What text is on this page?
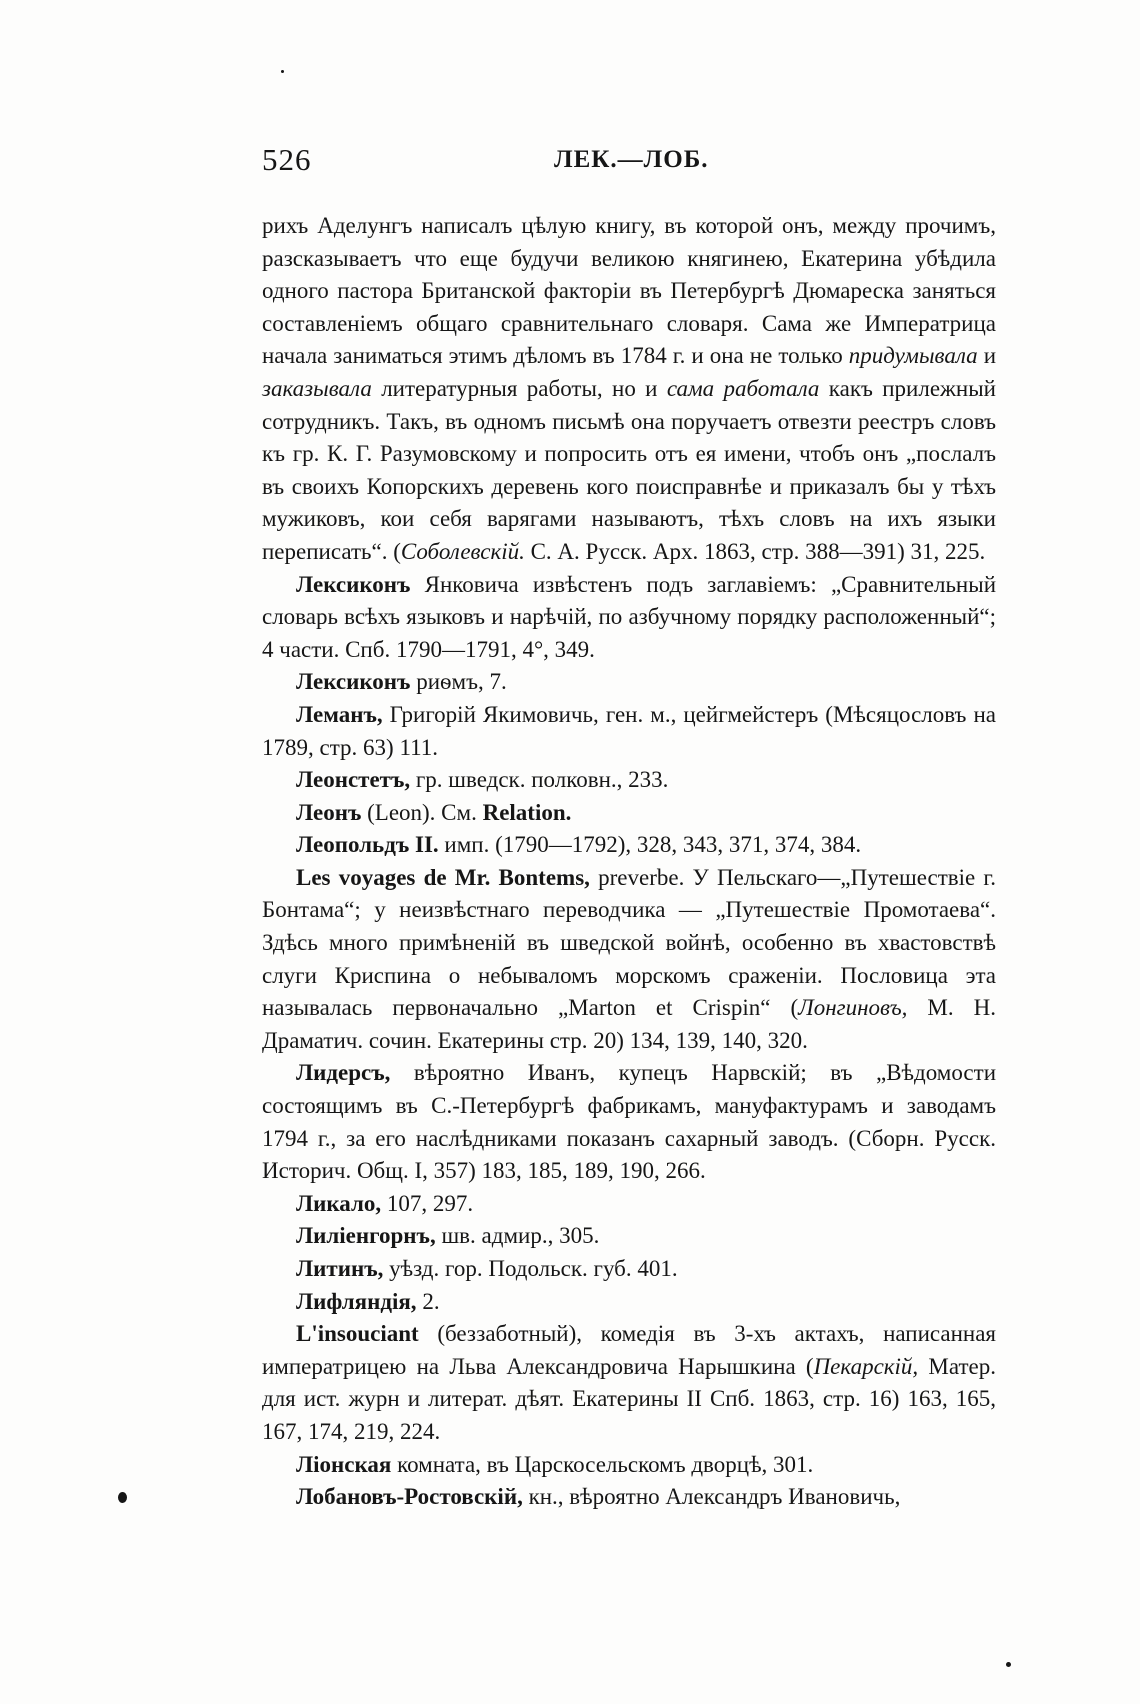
526	ЛЕК.—ЛОБ.

рихъ Аделунгъ написалъ цѣлую книгу, въ которой онъ, между прочимъ, разсказываетъ что еще будучи великою княгинею, Екатерина убѣдила одного пастора Британской факторіи въ Петербургѣ Дюмареска заняться составленіемъ общаго сравнительнаго словаря. Сама же Императрица начала заниматься этимъ дѣломъ въ 1784 г. и она не только придумывала и заказывала литературныя работы, но и сама работала какъ прилежный сотрудникъ. Такъ, въ одномъ письмѣ она поручаетъ отвезти реестръ словъ къ гр. К. Г. Разумовскому и попросить отъ ея имени, чтобъ онъ „послалъ въ своихъ Копорскихъ деревень кого поисправнѣе и приказалъ бы у тѣхъ мужиковъ, кои себя варягами называютъ, тѣхъ словъ на ихъ языки переписать“. (Соболевскій. С. А. Русск. Арх. 1863, стр. 388—391) 31, 225.

Лексиконъ Янковича извѣстенъ подъ заглавіемъ: „Сравнительный словарь всѣхъ языковъ и нарѣчій, по азбучному порядку расположенный“; 4 части. Спб. 1790—1791, 4°, 349.

Лексиконъ риѳмъ, 7.

Леманъ, Григорій Якимовичь, ген. м., цейгмейстеръ (Мѣсяцословъ на 1789, стр. 63) 111.

Леонстетъ, гр. шведск. полковн., 233.

Леонъ (Leon). См. Relation.

Леопольдъ II. имп. (1790—1792), 328, 343, 371, 374, 384.

Les voyages de Mr. Bontems, preverbe. У Пельскаго—„Путешествіе г. Бонтама“; у неизвѣстнаго переводчика — „Путешествіе Промотаева“. Здѣсь много примѣненій въ шведской войнѣ, особенно въ хвастовствѣ слуги Криспина о небываломъ морскомъ сраженіи. Пословица эта называлась первоначально „Marton et Crispin“ (Лонгиновъ, М. Н. Драматич. сочин. Екатерины стр. 20) 134, 139, 140, 320.

Лидерсъ, вѣроятно Иванъ, купецъ Нарвскій; въ „Вѣдомости состоящимъ въ С.-Петербургѣ фабрикамъ, мануфактурамъ и заводамъ 1794 г., за его наслѣдниками показанъ сахарный заводъ. (Сборн. Русск. Историч. Общ. I, 357) 183, 185, 189, 190, 266.

Ликало, 107, 297.

Лиліенгорнъ, шв. адмир., 305.

Литинъ, уѣзд. гор. Подольск. губ. 401.

Лифляндія, 2.

L'insouciant (беззаботный), комедія въ 3-хъ актахъ, написанная императрицею на Льва Александровича Нарышкина (Пекарскій, Матер. для ист. журн и литерат. дѣят. Екатерины II Спб. 1863, стр. 16) 163, 165, 167, 174, 219, 224.

Ліонская комната, въ Царскосельскомъ дворцѣ, 301.

Лобановъ-Ростовскій, кн., вѣроятно Александръ Ивановичь,
